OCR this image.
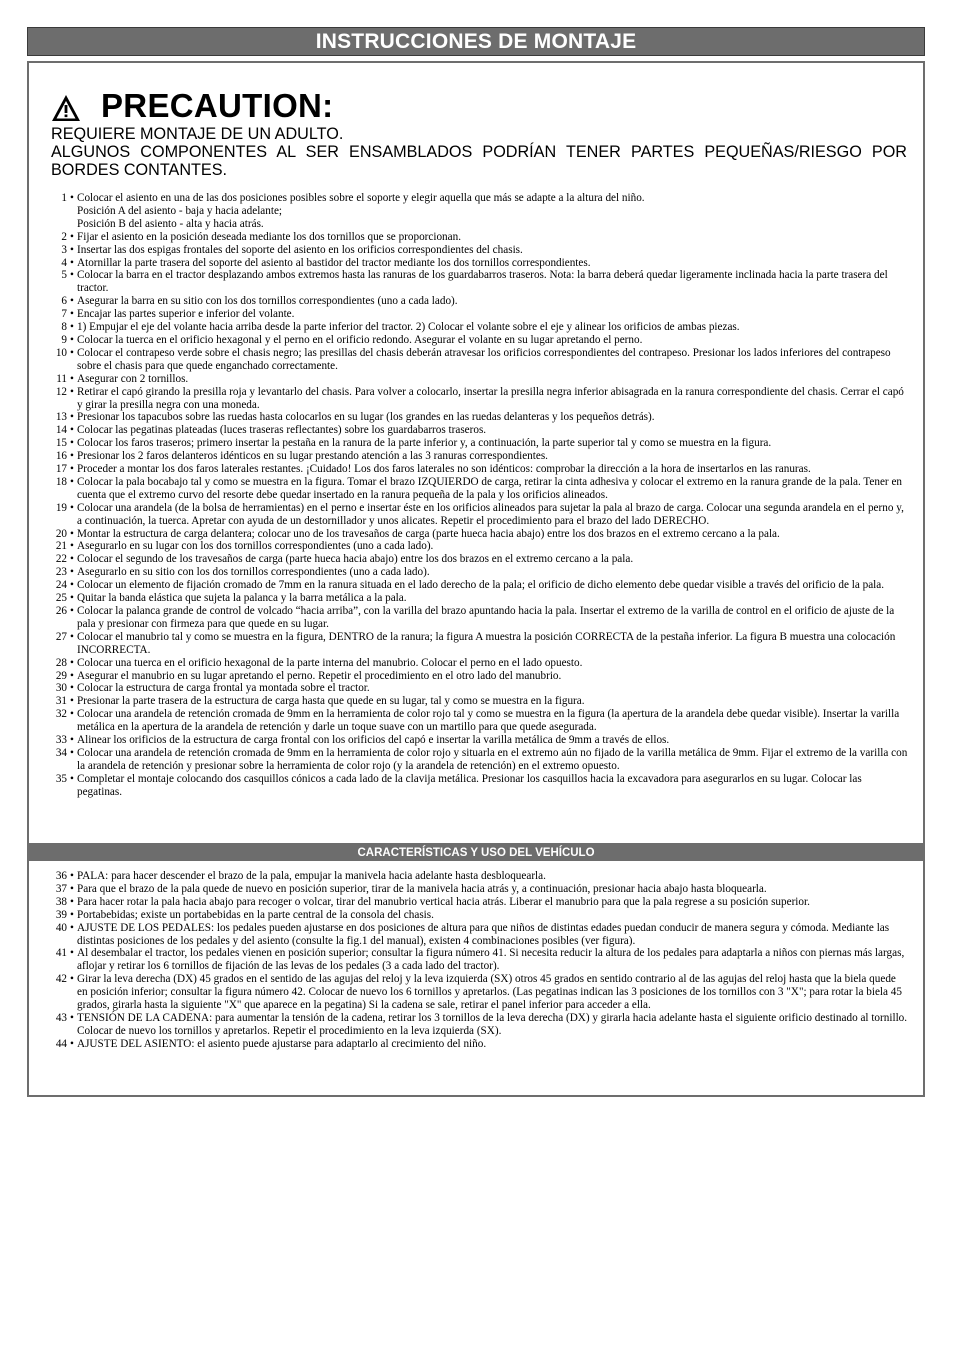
INSTRUCCIONES DE MONTAJE
PRECAUTION:
REQUIERE MONTAJE DE UN ADULTO.
ALGUNOS COMPONENTES AL SER ENSAMBLADOS PODRÍAN TENER PARTES PEQUEÑAS/RIESGO POR BORDES CONTANTES.
1 • Colocar el asiento en una de las dos posiciones posibles sobre el soporte y elegir aquella que más se adapte a la altura del niño.
Posición A del asiento - baja y hacia adelante;
Posición B del asiento - alta y hacia atrás.
2 • Fijar el asiento en la posición deseada mediante los dos tornillos que se proporcionan.
3 • Insertar las dos espigas frontales del soporte del asiento en los orificios correspondientes del chasis.
4 • Atornillar la parte trasera del soporte del asiento al bastidor del tractor mediante los dos tornillos correspondientes.
5 • Colocar la barra en el tractor desplazando ambos extremos hasta las ranuras de los guardabarros traseros. Nota: la barra deberá quedar ligeramente inclinada hacia la parte trasera del tractor.
6 • Asegurar la barra en su sitio con los dos tornillos correspondientes (uno a cada lado).
7 • Encajar las partes superior e inferior del volante.
8 • 1) Empujar el eje del volante hacia arriba desde la parte inferior del tractor. 2) Colocar el volante sobre el eje y alinear los orificios de ambas piezas.
9 • Colocar la tuerca en el orificio hexagonal y el perno en el orificio redondo. Asegurar el volante en su lugar apretando el perno.
10 • Colocar el contrapeso verde sobre el chasis negro; las presillas del chasis deberán atravesar los orificios correspondientes del contrapeso. Presionar los lados inferiores del contrapeso sobre el chasis para que quede enganchado correctamente.
11 • Asegurar con 2 tornillos.
12 • Retirar el capó girando la presilla roja y levantarlo del chasis. Para volver a colocarlo, insertar la presilla negra inferior abisagrada en la ranura correspondiente del chasis. Cerrar el capó y girar la presilla negra con una moneda.
13 • Presionar los tapacubos sobre las ruedas hasta colocarlos en su lugar (los grandes en las ruedas delanteras y los pequeños detrás).
14 • Colocar las pegatinas plateadas (luces traseras reflectantes) sobre los guardabarros traseros.
15 • Colocar los faros traseros; primero insertar la pestaña en la ranura de la parte inferior y, a continuación, la parte superior tal y como se muestra en la figura.
16 • Presionar los 2 faros delanteros idénticos en su lugar prestando atención a las 3 ranuras correspondientes.
17 • Proceder a montar los dos faros laterales restantes. ¡Cuidado! Los dos faros laterales no son idénticos: comprobar la dirección a la hora de insertarlos en las ranuras.
18 • Colocar la pala bocabajo tal y como se muestra en la figura. Tomar el brazo IZQUIERDO de carga, retirar la cinta adhesiva y colocar el extremo en la ranura grande de la pala. Tener en cuenta que el extremo curvo del resorte debe quedar insertado en la ranura pequeña de la pala y los orificios alineados.
19 • Colocar una arandela (de la bolsa de herramientas) en el perno e insertar éste en los orificios alineados para sujetar la pala al brazo de carga. Colocar una segunda arandela en el perno y, a continuación, la tuerca. Apretar con ayuda de un destornillador y unos alicates. Repetir el procedimiento para el brazo del lado DERECHO.
20 • Montar la estructura de carga delantera; colocar uno de los travesaños de carga (parte hueca hacia abajo) entre los dos brazos en el extremo cercano a la pala.
21 • Asegurarlo en su lugar con los dos tornillos correspondientes (uno a cada lado).
22 • Colocar el segundo de los travesaños de carga (parte hueca hacia abajo) entre los dos brazos en el extremo cercano a la pala.
23 • Asegurarlo en su sitio con los dos tornillos correspondientes (uno a cada lado).
24 • Colocar un elemento de fijación cromado de 7mm en la ranura situada en el lado derecho de la pala; el orificio de dicho elemento debe quedar visible a través del orificio de la pala.
25 • Quitar la banda elástica que sujeta la palanca y la barra metálica a la pala.
26 • Colocar la palanca grande de control de volcado “hacia arriba”, con la varilla del brazo apuntando hacia la pala. Insertar el extremo de la varilla de control en el orificio de ajuste de la pala y presionar con firmeza para que quede en su lugar.
27 • Colocar el manubrio tal y como se muestra en la figura, DENTRO de la ranura; la figura A muestra la posición CORRECTA de la pestaña inferior. La figura B muestra una colocación INCORRECTA.
28 • Colocar una tuerca en el orificio hexagonal de la parte interna del manubrio. Colocar el perno en el lado opuesto.
29 • Asegurar el manubrio en su lugar apretando el perno. Repetir el procedimiento en el otro lado del manubrio.
30 • Colocar la estructura de carga frontal ya montada sobre el tractor.
31 • Presionar la parte trasera de la estructura de carga hasta que quede en su lugar, tal y como se muestra en la figura.
32 • Colocar una arandela de retención cromada de 9mm en la herramienta de color rojo tal y como se muestra en la figura (la apertura de la arandela debe quedar visible). Insertar la varilla metálica en la apertura de la arandela de retención y darle un toque suave con un martillo para que quede asegurada.
33 • Alinear los orificios de la estructura de carga frontal con los orificios del capó e insertar la varilla metálica de 9mm a través de ellos.
34 • Colocar una arandela de retención cromada de 9mm en la herramienta de color rojo y situarla en el extremo aún no fijado de la varilla metálica de 9mm. Fijar el extremo de la varilla con la arandela de retención y presionar sobre la herramienta de color rojo (y la arandela de retención) en el extremo opuesto.
35 • Completar el montaje colocando dos casquillos cónicos a cada lado de la clavija metálica. Presionar los casquillos hacia la excavadora para asegurarlos en su lugar. Colocar las pegatinas.
CARACTERÍSTICAS Y USO DEL VEHÍCULO
36 • PALA: para hacer descender el brazo de la pala, empujar la manivela hacia adelante hasta desbloquearla.
37 • Para que el brazo de la pala quede de nuevo en posición superior, tirar de la manivela hacia atrás y, a continuación, presionar hacia abajo hasta bloquearla.
38 • Para hacer rotar la pala hacia abajo para recoger o volcar, tirar del manubrio vertical hacia atrás. Liberar el manubrio para que la pala regrese a su posición superior.
39 • Portabebidas; existe un portabebidas en la parte central de la consola del chasis.
40 • AJUSTE DE LOS PEDALES: los pedales pueden ajustarse en dos posiciones de altura para que niños de distintas edades puedan conducir de manera segura y cómoda. Mediante las distintas posiciones de los pedales y del asiento (consulte la fig.1 del manual), existen 4 combinaciones posibles (ver figura).
41 • Al desembalar el tractor, los pedales vienen en posición superior; consultar la figura número 41. Si necesita reducir la altura de los pedales para adaptarla a niños con piernas más largas, aflojar y retirar los 6 tornillos de fijación de las levas de los pedales (3 a cada lado del tractor).
42 • Girar la leva derecha (DX) 45 grados en el sentido de las agujas del reloj y la leva izquierda (SX) otros 45 grados en sentido contrario al de las agujas del reloj hasta que la biela quede en posición inferior; consultar la figura número 42. Colocar de nuevo los 6 tornillos y apretarlos. (Las pegatinas indican las 3 posiciones de los tornillos con 3 "X"; para rotar la biela 45 grados, girarla hasta la siguiente "X" que aparece en la pegatina) Si la cadena se sale, retirar el panel inferior para acceder a ella.
43 • TENSIÓN DE LA CADENA: para aumentar la tensión de la cadena, retirar los 3 tornillos de la leva derecha (DX) y girarla hacia adelante hasta el siguiente orificio destinado al tornillo. Colocar de nuevo los tornillos y apretarlos. Repetir el procedimiento en la leva izquierda (SX).
44 • AJUSTE DEL ASIENTO: el asiento puede ajustarse para adaptarlo al crecimiento del niño.
